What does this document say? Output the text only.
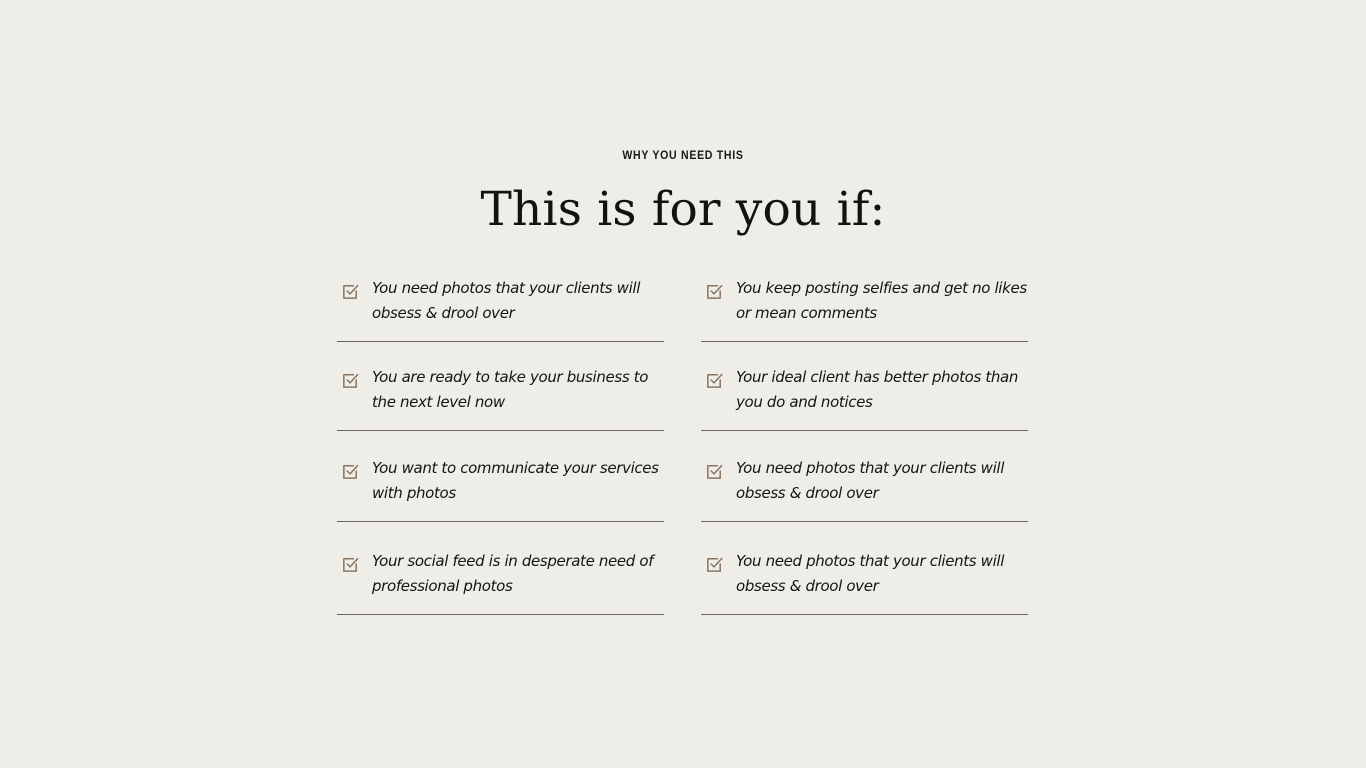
WHY YOU NEED THIS
This is for you if:
You need photos that your clients will obsess & drool over
You are ready to take your business to the next level now
You want to communicate your services with photos
Your social feed is in desperate need of professional photos
You keep posting selfies and get no likes or mean comments
Your ideal client has better photos than you do and notices
You need photos that your clients will obsess & drool over
You need photos that your clients will obsess & drool over
